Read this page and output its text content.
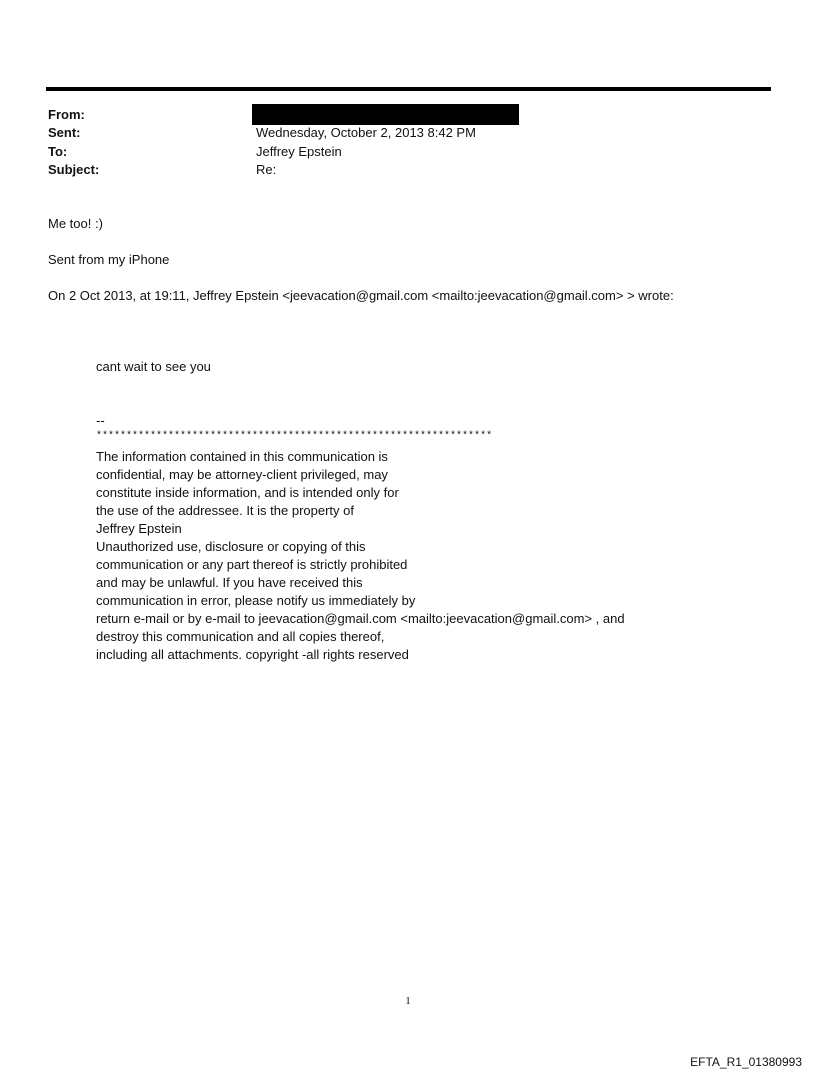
From:
Sent:	Wednesday, October 2, 2013 8:42 PM
To:	Jeffrey Epstein
Subject:	Re:
Me too! :)
Sent from my iPhone
On 2 Oct 2013, at 19:11, Jeffrey Epstein <jeevacation@gmail.com <mailto:jeevacation@gmail.com> > wrote:
cant wait to see you
--
******************************************************************
The information contained in this communication is
confidential, may be attorney-client privileged, may
constitute inside information, and is intended only for
the use of the addressee. It is the property of
Jeffrey Epstein
Unauthorized use, disclosure or copying of this
communication or any part thereof is strictly prohibited
and may be unlawful. If you have received this
communication in error, please notify us immediately by
return e-mail or by e-mail to jeevacation@gmail.com <mailto:jeevacation@gmail.com> , and
destroy this communication and all copies thereof,
including all attachments. copyright -all rights reserved
1
EFTA_R1_01380993
